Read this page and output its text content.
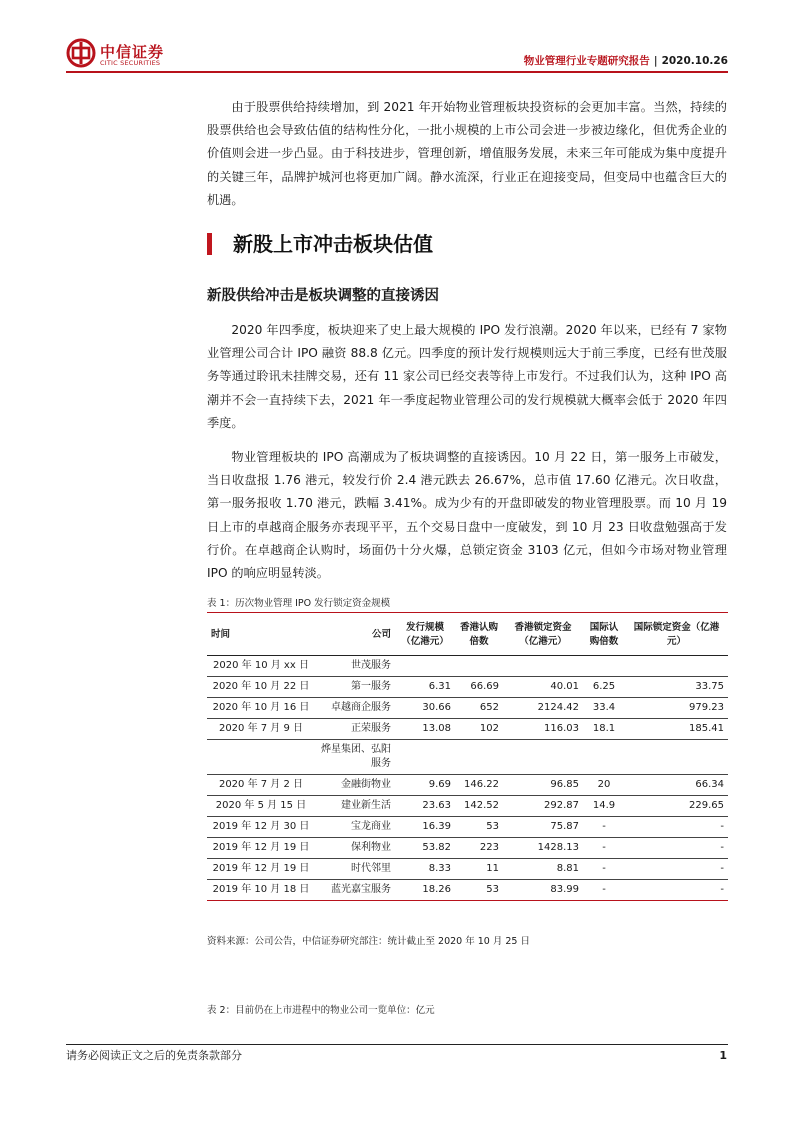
中信证券
CITIC SECURITIES	物业管理行业专题研究报告 | 2020.10.26

由于股票供给持续增加，到 2021 年开始物业管理板块投资标的会更加丰富。当然，持续的股票供给也会导致估值的结构性分化，一批小规模的上市公司会进一步被边缘化，但优秀企业的价值则会进一步凸显。由于科技进步，管理创新，增值服务发展，未来三年可能成为集中度提升的关键三年，品牌护城河也将更加广阔。静水流深，行业正在迎接变局，但变局中也蕴含巨大的机遇。

新股上市冲击板块估值
新股供给冲击是板块调整的直接诱因

2020 年四季度，板块迎来了史上最大规模的 IPO 发行浪潮。2020 年以来，已经有 7 家物业管理公司合计 IPO 融资 88.8 亿元。四季度的预计发行规模则远大于前三季度，已经有世茂服务等通过聆讯未挂牌交易，还有 11 家公司已经交表等待上市发行。不过我们认为，这种 IPO 高潮并不会一直持续下去，2021 年一季度起物业管理公司的发行规模就大概率会低于 2020 年四季度。

物业管理板块的 IPO 高潮成为了板块调整的直接诱因。10 月 22 日，第一服务上市破发，当日收盘报 1.76 港元，较发行价 2.4 港元跌去 26.67%，总市值 17.60 亿港元。次日收盘，第一服务报收 1.70 港元，跌幅 3.41%。成为少有的开盘即破发的物业管理股票。而 10 月 19 日上市的卓越商企服务亦表现平平，五个交易日盘中一度破发，到 10 月 23 日收盘勉强高于发行价。在卓越商企认购时，场面仍十分火爆，总锁定资金 3103 亿元，但如今市场对物业管理 IPO 的响应明显转淡。

表 1：历次物业管理 IPO 发行锁定资金规模
时间	公司	发行规模（亿港元）	香港认购倍数	香港锁定资金（亿港元）	国际认购倍数	国际锁定资金（亿港元）
2020 年 10 月 xx 日	世茂服务					
2020 年 10 月 22 日	第一服务	6.31	66.69	40.01	6.25	33.75
2020 年 10 月 16 日	卓越商企服务	30.66	652	2124.42	33.4	979.23
2020 年 7 月 9 日	正荣服务	13.08	102	116.03	18.1	185.41
	烨星集团、弘阳服务					
2020 年 7 月 2 日	金融街物业	9.69	146.22	96.85	20	66.34
2020 年 5 月 15 日	建业新生活	23.63	142.52	292.87	14.9	229.65
2019 年 12 月 30 日	宝龙商业	16.39	53	75.87	-	-
2019 年 12 月 19 日	保利物业	53.82	223	1428.13	-	-
2019 年 12 月 19 日	时代邻里	8.33	11	8.81	-	-
2019 年 10 月 18 日	蓝光嘉宝服务	18.26	53	83.99	-	-
资料来源：公司公告，中信证券研究部注：统计截止至 2020 年 10 月 25 日
表 2：目前仍在上市进程中的物业公司一览单位：亿元
请务必阅读正文之后的免责条款部分	1
